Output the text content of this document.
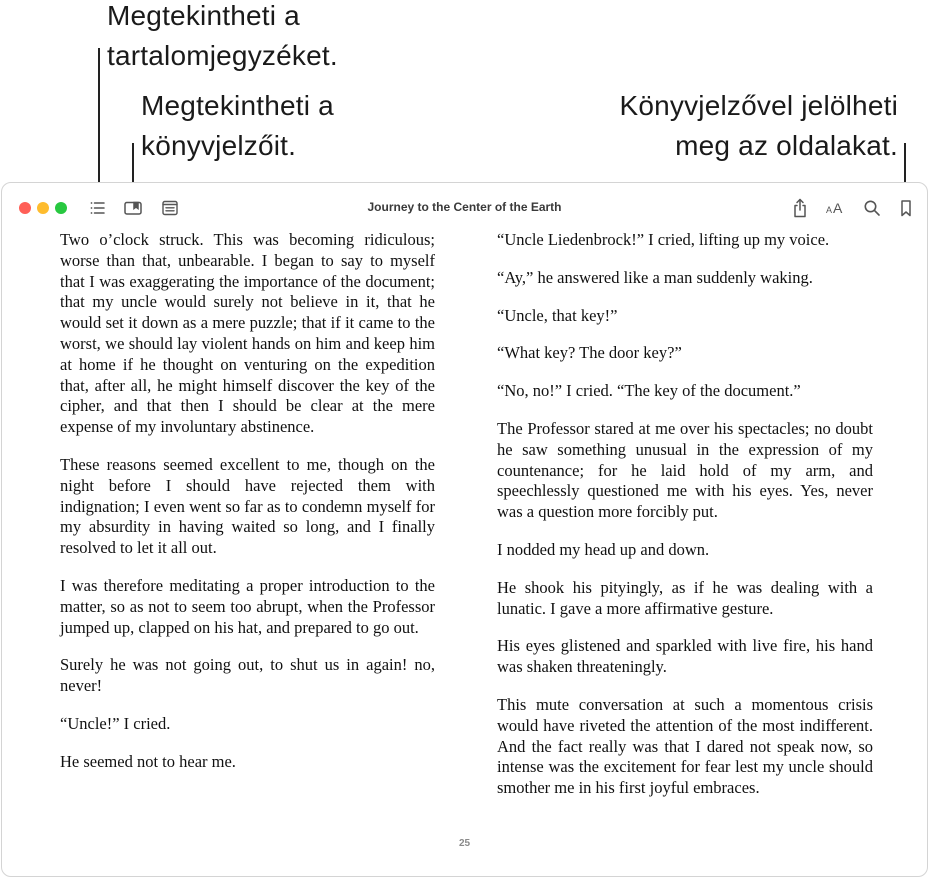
Megtekintheti a
tartalomjegyzéket.
Megtekintheti a
könyvjelzőit.
Könyvjelzővel jelölheti
meg az oldalakat.
Journey to the Center of the Earth	A A

Two o’clock struck. This was becoming ridiculous; worse than that, unbearable. I began to say to myself that I was exaggerating the importance of the document; that my uncle would surely not believe in it, that he would set it down as a mere puzzle; that if it came to the worst, we should lay violent hands on him and keep him at home if he thought on venturing on the expedition that, after all, he might himself discover the key of the cipher, and that then I should be clear at the mere expense of my involuntary abstinence.

These reasons seemed excellent to me, though on the night before I should have rejected them with indignation; I even went so far as to condemn myself for my absurdity in having waited so long, and I finally resolved to let it all out.

I was therefore meditating a proper introduction to the matter, so as not to seem too abrupt, when the Professor jumped up, clapped on his hat, and prepared to go out.

Surely he was not going out, to shut us in again! no, never!

“Uncle!” I cried.

He seemed not to hear me.

“Uncle Liedenbrock!” I cried, lifting up my voice.

“Ay,” he answered like a man suddenly waking.

“Uncle, that key!”

“What key? The door key?”

“No, no!” I cried. “The key of the document.”

The Professor stared at me over his spectacles; no doubt he saw something unusual in the expression of my countenance; for he laid hold of my arm, and speechlessly questioned me with his eyes. Yes, never was a question more forcibly put.

I nodded my head up and down.

He shook his pityingly, as if he was dealing with a lunatic. I gave a more affirmative gesture.

His eyes glistened and sparkled with live fire, his hand was shaken threateningly.

This mute conversation at such a momentous crisis would have riveted the attention of the most indifferent. And the fact really was that I dared not speak now, so intense was the excitement for fear lest my uncle should smother me in his first joyful embraces.

25
